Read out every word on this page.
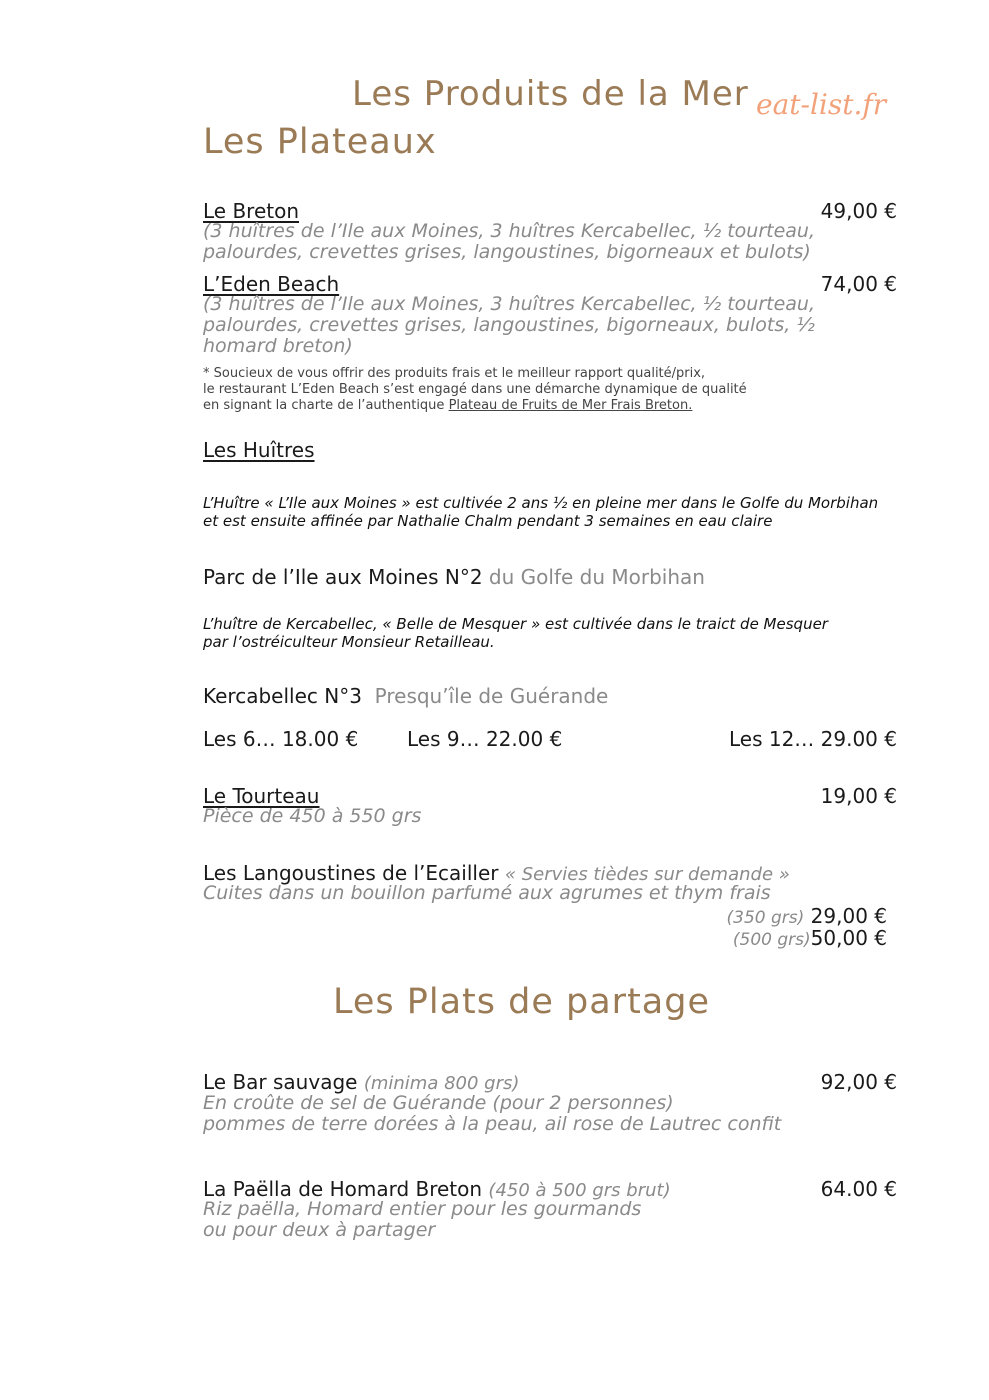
Les Produits de la Mer eat-list.fr
Les Plateaux
Le Breton	49,00 €
(3 huîtres de l’Ile aux Moines, 3 huîtres Kercabellec, ½ tourteau, palourdes, crevettes grises, langoustines, bigorneaux et bulots)
L’Eden Beach	74,00 €
(3 huîtres de l’Ile aux Moines, 3 huîtres Kercabellec, ½ tourteau, palourdes, crevettes grises, langoustines, bigorneaux, bulots, ½ homard breton)
* Soucieux de vous offrir des produits frais et le meilleur rapport qualité/prix,
le restaurant L’Eden Beach s’est engagé dans une démarche dynamique de qualité
en signant la charte de l’authentique Plateau de Fruits de Mer Frais Breton.
Les Huîtres
L’Huître « L’Ile aux Moines » est cultivée 2 ans ½ en pleine mer dans le Golfe du Morbihan
et est ensuite affinée par Nathalie Chalm pendant 3 semaines en eau claire
Parc de l’Ile aux Moines N°2 du Golfe du Morbihan
L’huître de Kercabellec, « Belle de Mesquer » est cultivée dans le traict de Mesquer
par l’ostréiculteur Monsieur Retailleau.
Kercabellec N°3 Presqu’île de Guérande
Les 6… 18.00 € Les 9… 22.00 €	Les 12… 29.00 €
Le Tourteau	19,00 €
Pièce de 450 à 550 grs
Les Langoustines de l’Ecailler « Servies tièdes sur demande »
Cuites dans un bouillon parfumé aux agrumes et thym frais
(350 grs) 29,00 €
(500 grs)50,00 €
Les Plats de partage
Le Bar sauvage (minima 800 grs)	92,00 €
En croûte de sel de Guérande (pour 2 personnes)
pommes de terre dorées à la peau, ail rose de Lautrec confit
La Paëlla de Homard Breton (450 à 500 grs brut)	64.00 €
Riz paëlla, Homard entier pour les gourmands
ou pour deux à partager
